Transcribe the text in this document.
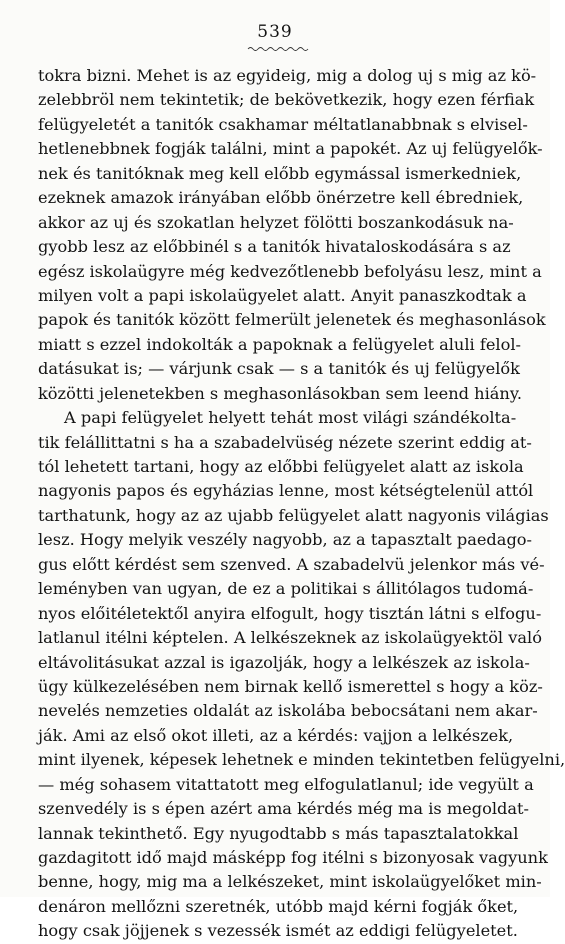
539
tokra bizni. Mehet is az egyideig, mig a dolog uj s mig az kö-
zelebbröl nem tekintetik; de bekövetkezik, hogy ezen férfiak
felügyeletét a tanitók csakhamar méltatlanabbnak s elvisel-
hetlenebbnek fogják találni, mint a papokét. Az uj felügyelők-
nek és tanitóknak meg kell előbb egymással ismerkedniek,
ezeknek amazok irányában előbb önérzetre kell ébredniek,
akkor az uj és szokatlan helyzet fölötti boszankodásuk na-
gyobb lesz az előbbinél s a tanitók hivataloskodására s az
egész iskolaügyre még kedvezőtlenebb befolyásu lesz, mint a
milyen volt a papi iskolaügyelet alatt. Anyit panaszkodtak a
papok és tanitók között felmerült jelenetek és meghasonlások
miatt s ezzel indokolták a papoknak a felügyelet aluli felol-
datásukat is; — várjunk csak — s a tanitók és uj felügyelők
közötti jelenetekben s meghasonlásokban sem leend hiány.
A papi felügyelet helyett tehát most világi szándékolta-
tik felállittatni s ha a szabadelvüség nézete szerint eddig at-
tól lehetett tartani, hogy az előbbi felügyelet alatt az iskola
nagyonis papos és egyházias lenne, most kétségtelenül attól
tarthatunk, hogy az az ujabb felügyelet alatt nagyonis világias
lesz. Hogy melyik veszély nagyobb, az a tapasztalt paedago-
gus előtt kérdést sem szenved. A szabadelvü jelenkor más vé-
leményben van ugyan, de ez a politikai s állitólagos tudomá-
nyos előitéletektől anyira elfogult, hogy tisztán látni s elfogu-
latlanul itélni képtelen. A lelkészeknek az iskolaügyektöl való
eltávolitásukat azzal is igazolják, hogy a lelkészek az iskola-
ügy külkezelésében nem birnak kellő ismerettel s hogy a köz-
nevelés nemzeties oldalát az iskolába bebocsátani nem akar-
ják. Ami az első okot illeti, az a kérdés: vajjon a lelkészek,
mint ilyenek, képesek lehetnek e minden tekintetben felügyelni,
— még sohasem vitattatott meg elfogulatlanul; ide vegyült a
szenvedély is s épen azért ama kérdés még ma is megoldat-
lannak tekinthető. Egy nyugodtabb s más tapasztalatokkal
gazdagitott idő majd másképp fog itélni s bizonyosak vagyunk
benne, hogy, mig ma a lelkészeket, mint iskolaügyelőket min-
denáron mellőzni szeretnék, utóbb majd kérni fogják őket,
hogy csak jöjjenek s vezessék ismét az eddigi felügyeletet.
